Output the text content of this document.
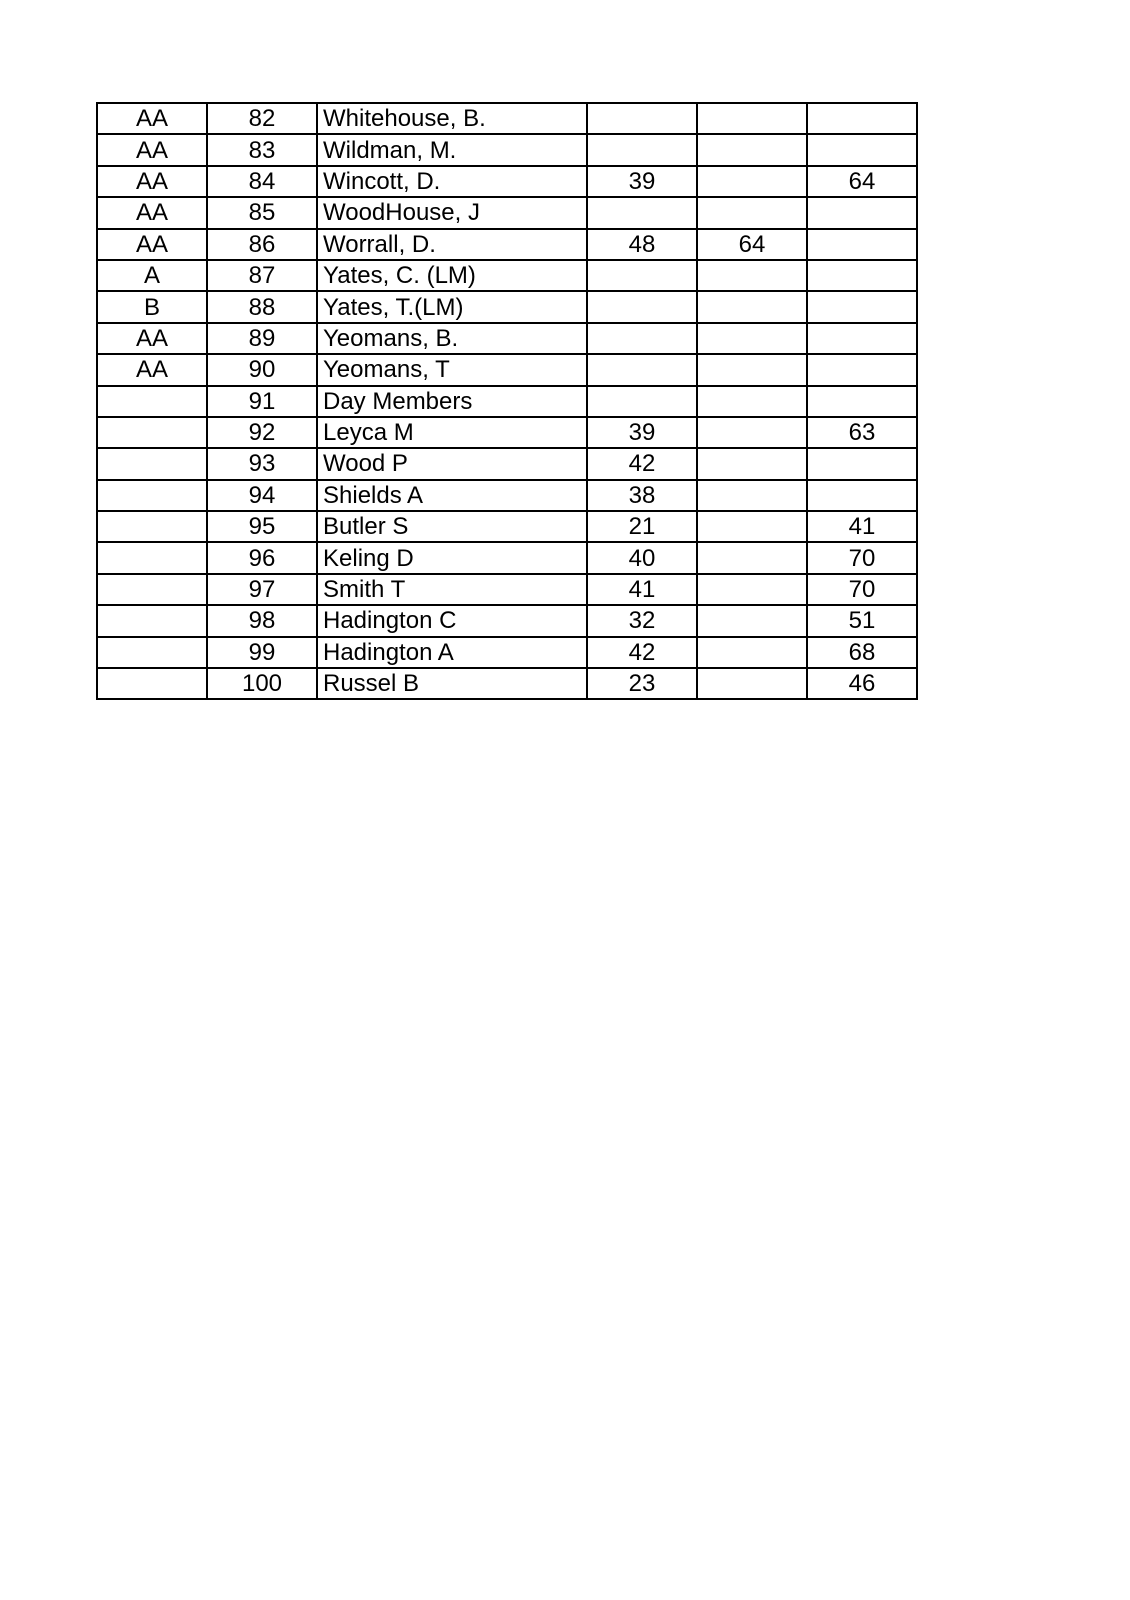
AA	82	Whitehouse, B.			
AA	83	Wildman, M.			
AA	84	Wincott, D.	39		64
AA	85	WoodHouse, J			
AA	86	Worrall, D.	48	64	
A	87	Yates, C. (LM)			
B	88	Yates, T.(LM)			
AA	89	Yeomans, B.			
AA	90	Yeomans, T			
	91	Day Members			
	92	Leyca M	39		63
	93	Wood P	42		
	94	Shields A	38		
	95	Butler S	21		41
	96	Keling D	40		70
	97	Smith T	41		70
	98	Hadington C	32		51
	99	Hadington A	42		68
	100	Russel B	23		46
